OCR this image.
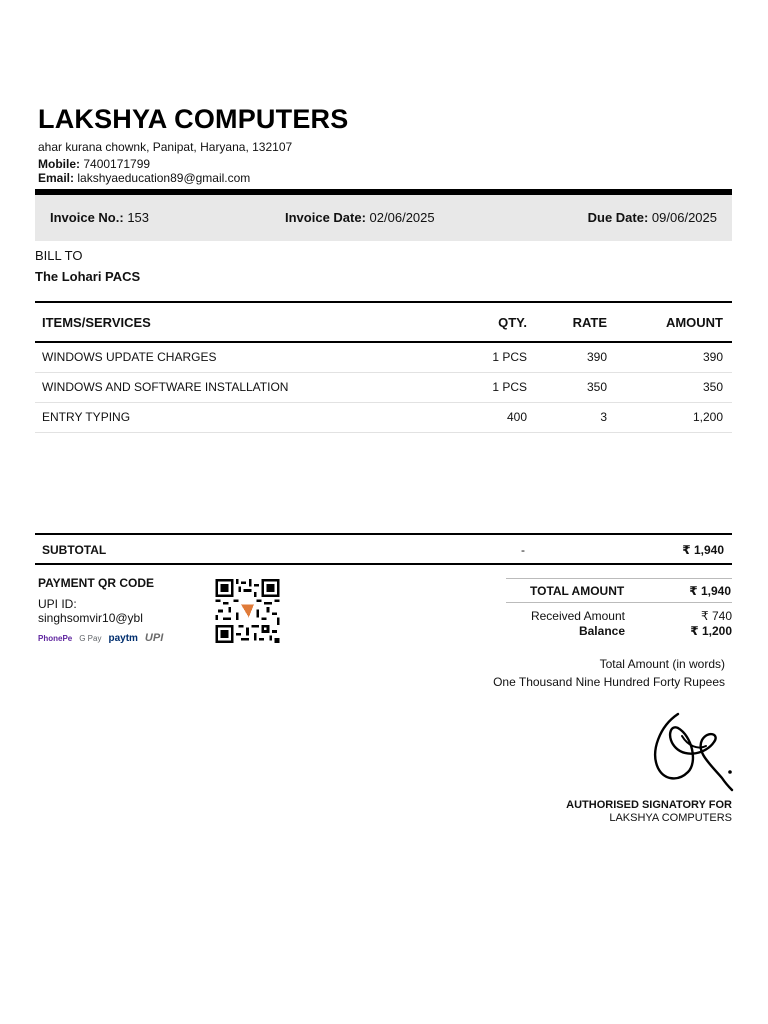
LAKSHYA COMPUTERS
ahar kurana chownk, Panipat, Haryana, 132107
Mobile: 7400171799
Email: lakshyaeducation89@gmail.com
Invoice No.: 153	Invoice Date: 02/06/2025	Due Date: 09/06/2025
BILL TO
The Lohari PACS
ITEMS/SERVICES	QTY.	RATE	AMOUNT
WINDOWS UPDATE CHARGES	1 PCS	390	390
WINDOWS AND SOFTWARE INSTALLATION	1 PCS	350	350
ENTRY TYPING	400	3	1,200
SUBTOTAL	-	₹ 1,940
PAYMENT QR CODE
UPI ID:
singhsomvir10@ybl
PhonePe G Pay paytm UPI
TOTAL AMOUNT	₹ 1,940
Received Amount	₹ 740
Balance	₹ 1,200
Total Amount (in words)
One Thousand Nine Hundred Forty Rupees
AUTHORISED SIGNATORY FOR
LAKSHYA COMPUTERS
